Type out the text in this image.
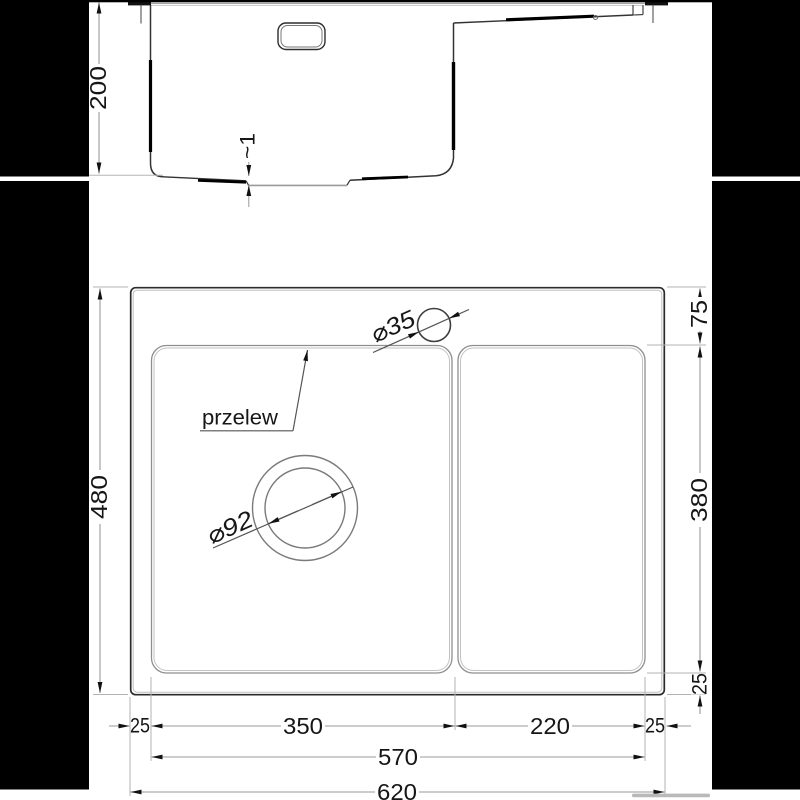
200
~1
⌀35
przelew
⌀92
480
75
380
25
25	350	220	25
570
620
